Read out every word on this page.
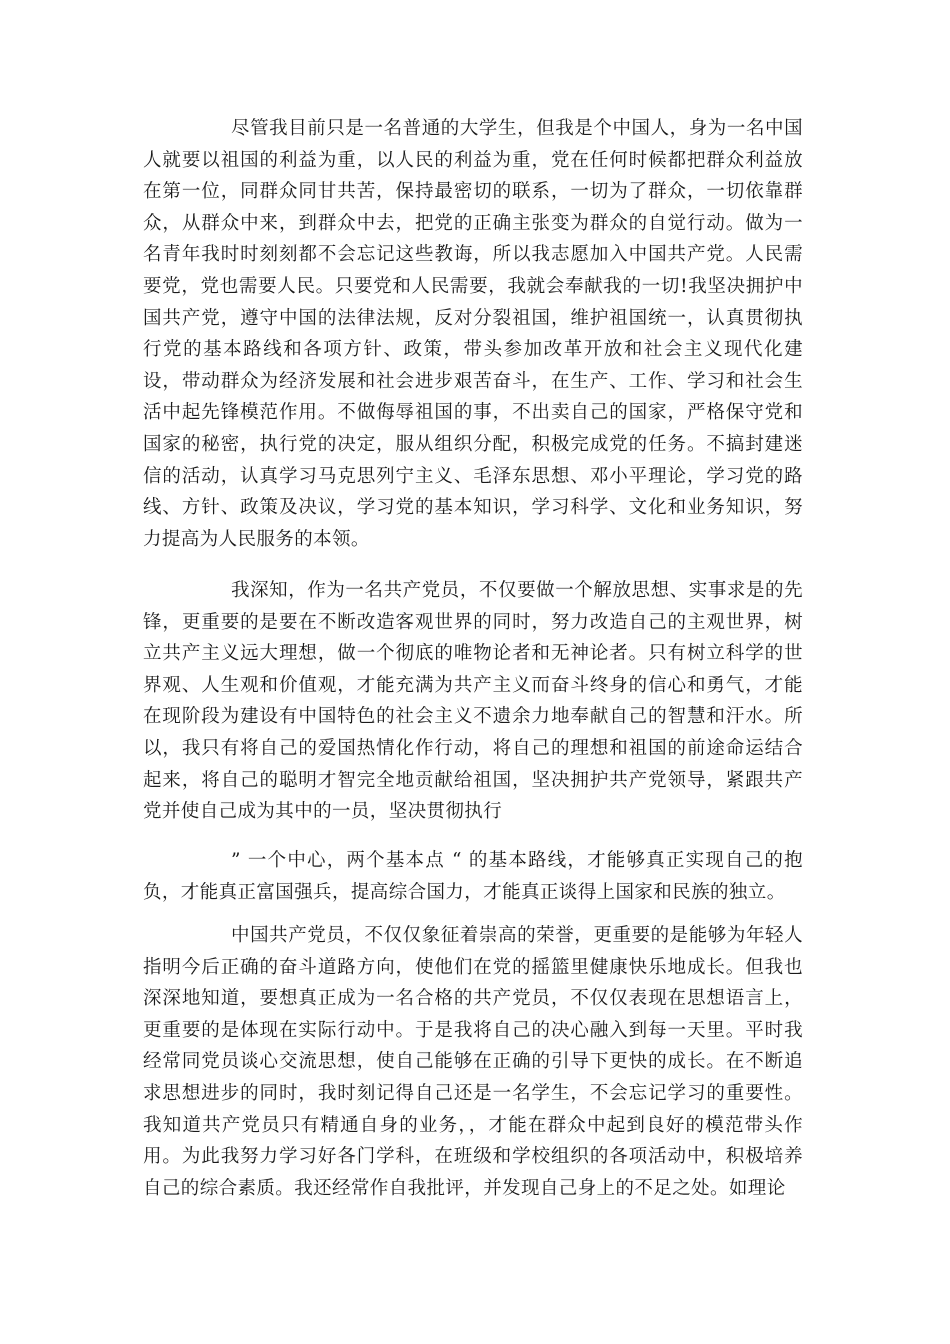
尽管我目前只是一名普通的大学生，但我是个中国人，身为一名中国人就要以祖国的利益为重，以人民的利益为重，党在任何时候都把群众利益放在第一位，同群众同甘共苦，保持最密切的联系，一切为了群众，一切依靠群众，从群众中来，到群众中去，把党的正确主张变为群众的自觉行动。做为一名青年我时时刻刻都不会忘记这些教诲，所以我志愿加入中国共产党。人民需要党，党也需要人民。只要党和人民需要，我就会奉献我的一切!我坚决拥护中国共产党，遵守中国的法律法规，反对分裂祖国，维护祖国统一，认真贯彻执行党的基本路线和各项方针、政策，带头参加改革开放和社会主义现代化建设，带动群众为经济发展和社会进步艰苦奋斗，在生产、工作、学习和社会生活中起先锋模范作用。不做侮辱祖国的事，不出卖自己的国家，严格保守党和国家的秘密，执行党的决定，服从组织分配，积极完成党的任务。不搞封建迷信的活动，认真学习马克思列宁主义、毛泽东思想、邓小平理论，学习党的路线、方针、政策及决议，学习党的基本知识，学习科学、文化和业务知识，努力提高为人民服务的本领。

我深知，作为一名共产党员，不仅要做一个解放思想、实事求是的先锋，更重要的是要在不断改造客观世界的同时，努力改造自己的主观世界，树立共产主义远大理想，做一个彻底的唯物论者和无神论者。只有树立科学的世界观、人生观和价值观，才能充满为共产主义而奋斗终身的信心和勇气，才能在现阶段为建设有中国特色的社会主义不遗余力地奉献自己的智慧和汗水。所以，我只有将自己的爱国热情化作行动，将自己的理想和祖国的前途命运结合起来，将自己的聪明才智完全地贡献给祖国，坚决拥护共产党领导，紧跟共产党并使自己成为其中的一员，坚决贯彻执行

” 一个中心，两个基本点 “ 的基本路线，才能够真正实现自己的抱负，才能真正富国强兵，提高综合国力，才能真正谈得上国家和民族的独立。

中国共产党员，不仅仅象征着崇高的荣誉，更重要的是能够为年轻人指明今后正确的奋斗道路方向，使他们在党的摇篮里健康快乐地成长。但我也深深地知道，要想真正成为一名合格的共产党员，不仅仅表现在思想语言上，更重要的是体现在实际行动中。于是我将自己的决心融入到每一天里。平时我经常同党员谈心交流思想，使自己能够在正确的引导下更快的成长。在不断追求思想进步的同时，我时刻记得自己还是一名学生，不会忘记学习的重要性。我知道共产党员只有精通自身的业务，，才能在群众中起到良好的模范带头作用。为此我努力学习好各门学科，在班级和学校组织的各项活动中，积极培养自己的综合素质。我还经常作自我批评，并发现自己身上的不足之处。如理论
